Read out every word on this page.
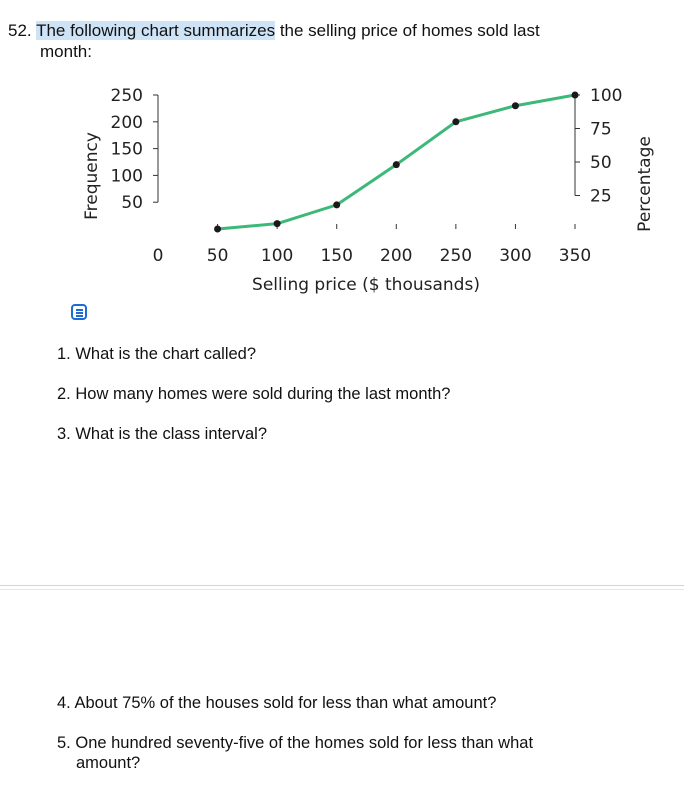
52. The following chart summarizes the selling price of homes sold last
month:
50
100
150
200
250
25
50
75
100
0	50 100 150 200 250 300 350
Selling price ($ thousands)
Frequency	Percentage
1. What is the chart called?
2. How many homes were sold during the last month?
3. What is the class interval?
4. About 75% of the houses sold for less than what amount?
5. One hundred seventy-five of the homes sold for less than what
amount?
